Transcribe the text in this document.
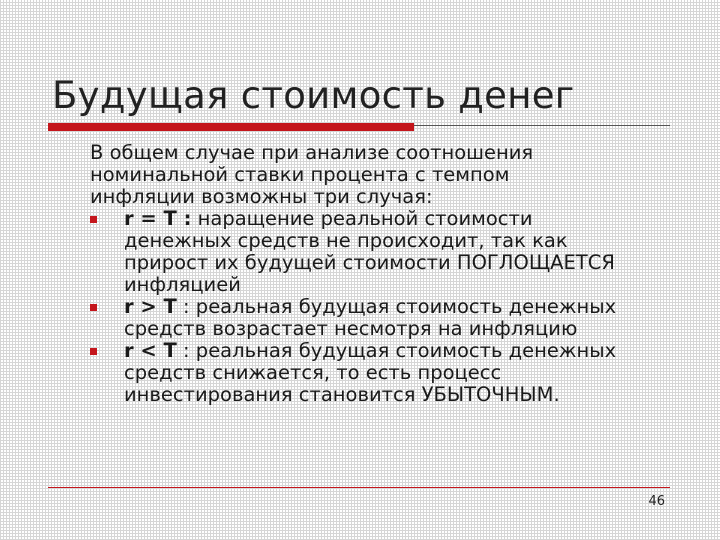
Будущая стоимость денег

В общем случае при анализе соотношения
номинальной ставки процента с темпом
инфляции возможны три случая:

r = T : наращение реальной стоимости
денежных средств не происходит, так как
прирост их будущей стоимости ПОГЛОЩАЕТСЯ
инфляцией
r > T : реальная будущая стоимость денежных
средств возрастает несмотря на инфляцию
r < T : реальная будущая стоимость денежных
средств снижается, то есть процесс
инвестирования становится УБЫТОЧНЫМ.
46
